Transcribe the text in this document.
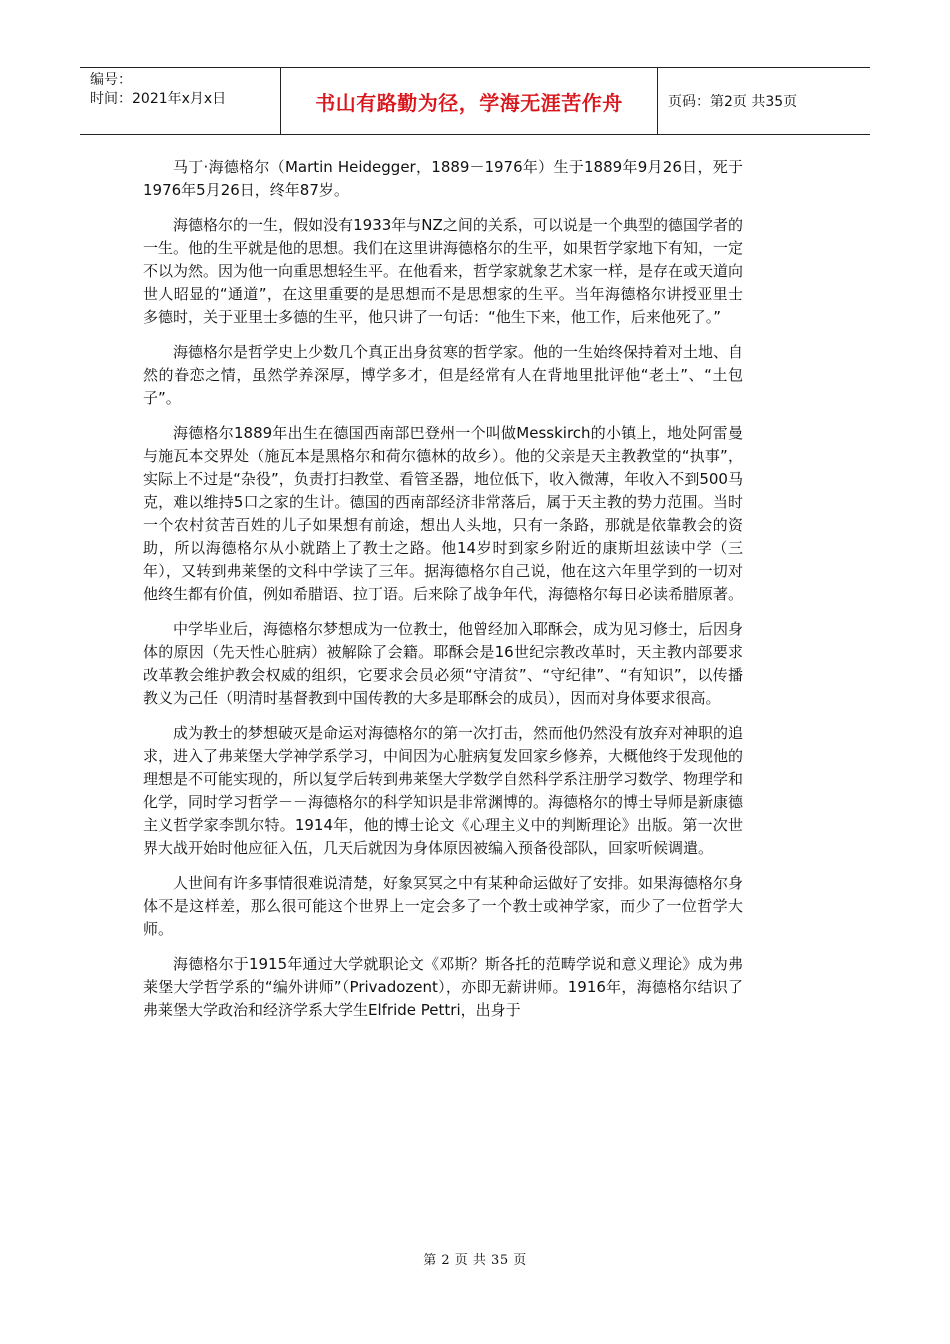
编号：
时间：2021年x月x日	书山有路勤为径，学海无涯苦作舟	页码：第2页 共35页

马丁·海德格尔（Martin Heidegger，1889－1976年）生于1889年9月26日，死于1976年5月26日，终年87岁。

海德格尔的一生，假如没有1933年与NZ之间的关系，可以说是一个典型的德国学者的一生。他的生平就是他的思想。我们在这里讲海德格尔的生平，如果哲学家地下有知，一定不以为然。因为他一向重思想轻生平。在他看来，哲学家就象艺术家一样，是存在或天道向世人昭显的“通道”，在这里重要的是思想而不是思想家的生平。当年海德格尔讲授亚里士多德时，关于亚里士多德的生平，他只讲了一句话：“他生下来，他工作，后来他死了。”

海德格尔是哲学史上少数几个真正出身贫寒的哲学家。他的一生始终保持着对土地、自然的眷恋之情，虽然学养深厚，博学多才，但是经常有人在背地里批评他“老土”、“土包子”。

海德格尔1889年出生在德国西南部巴登州一个叫做Messkirch的小镇上，地处阿雷曼与施瓦本交界处（施瓦本是黑格尔和荷尔德林的故乡）。他的父亲是天主教教堂的“执事”，实际上不过是“杂役”，负责打扫教堂、看管圣器，地位低下，收入微薄，年收入不到500马克，难以维持5口之家的生计。德国的西南部经济非常落后，属于天主教的势力范围。当时一个农村贫苦百姓的儿子如果想有前途，想出人头地，只有一条路，那就是依靠教会的资助，所以海德格尔从小就踏上了教士之路。他14岁时到家乡附近的康斯坦兹读中学（三年），又转到弗莱堡的文科中学读了三年。据海德格尔自己说，他在这六年里学到的一切对他终生都有价值，例如希腊语、拉丁语。后来除了战争年代，海德格尔每日必读希腊原著。

中学毕业后，海德格尔梦想成为一位教士，他曾经加入耶酥会，成为见习修士，后因身体的原因（先天性心脏病）被解除了会籍。耶酥会是16世纪宗教改革时，天主教内部要求改革教会维护教会权威的组织，它要求会员必须“守清贫”、“守纪律”、“有知识”，以传播教义为己任（明清时基督教到中国传教的大多是耶酥会的成员），因而对身体要求很高。

成为教士的梦想破灭是命运对海德格尔的第一次打击，然而他仍然没有放弃对神职的追求，进入了弗莱堡大学神学系学习，中间因为心脏病复发回家乡修养，大概他终于发现他的理想是不可能实现的，所以复学后转到弗莱堡大学数学自然科学系注册学习数学、物理学和化学，同时学习哲学－－海德格尔的科学知识是非常渊博的。海德格尔的博士导师是新康德主义哲学家李凯尔特。1914年，他的博士论文《心理主义中的判断理论》出版。第一次世界大战开始时他应征入伍，几天后就因为身体原因被编入预备役部队，回家听候调遣。

人世间有许多事情很难说清楚，好象冥冥之中有某种命运做好了安排。如果海德格尔身体不是这样差，那么很可能这个世界上一定会多了一个教士或神学家，而少了一位哲学大师。

海德格尔于1915年通过大学就职论文《邓斯？斯各托的范畴学说和意义理论》成为弗莱堡大学哲学系的“编外讲师”（Privadozent），亦即无薪讲师。1916年，海德格尔结识了弗莱堡大学政治和经济学系大学生Elfride Pettri，出身于

第 2 页 共 35 页
